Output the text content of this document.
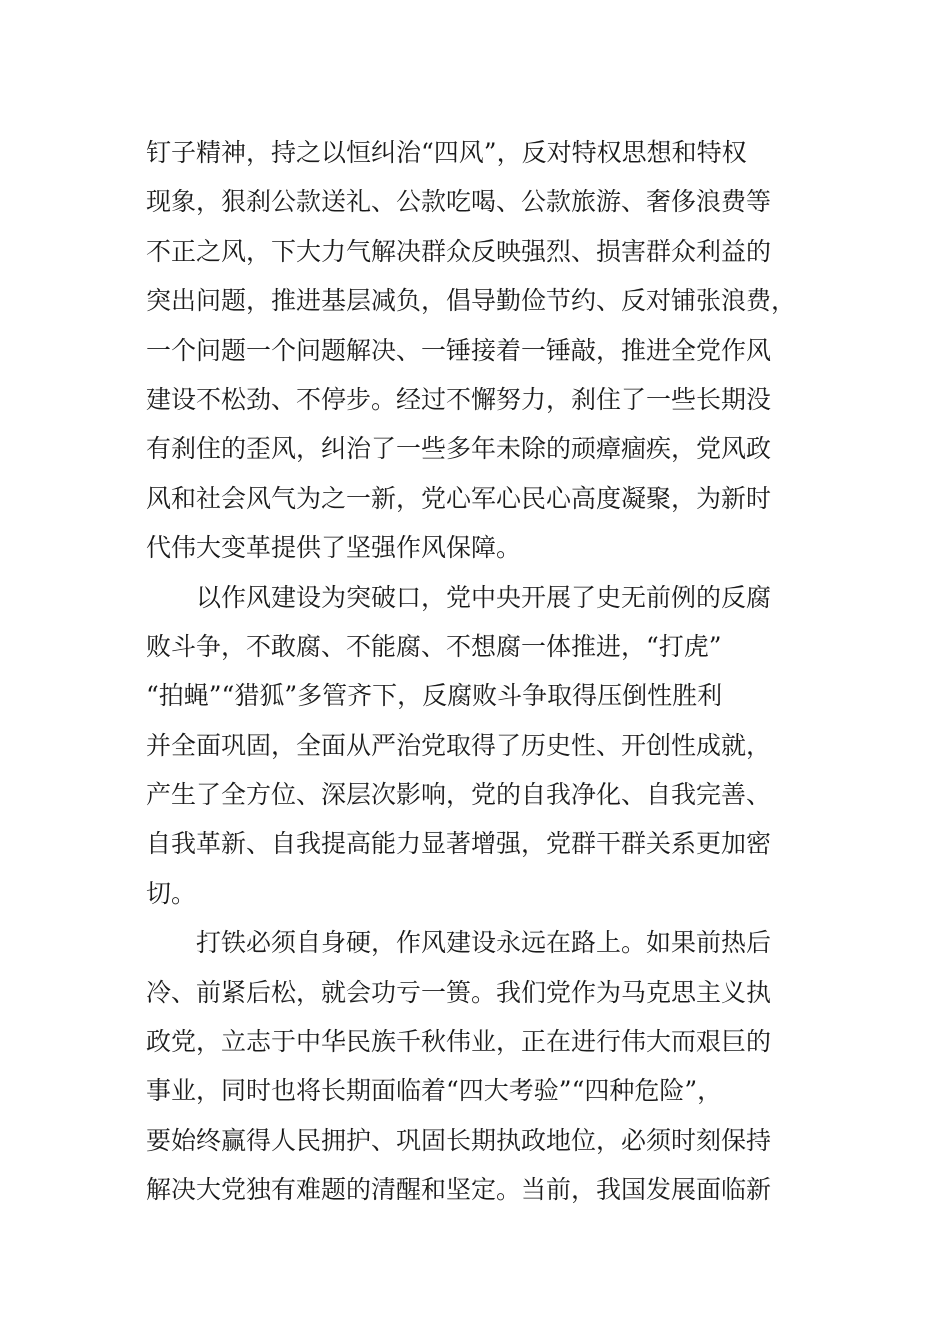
钉子精神，持之以恒纠治“四风”，反对特权思想和特权
现象，狠刹公款送礼、公款吃喝、公款旅游、奢侈浪费等
不正之风，下大力气解决群众反映强烈、损害群众利益的
突出问题，推进基层减负，倡导勤俭节约、反对铺张浪费，
一个问题一个问题解决、一锤接着一锤敲，推进全党作风
建设不松劲、不停步。经过不懈努力，刹住了一些长期没
有刹住的歪风，纠治了一些多年未除的顽瘴痼疾，党风政
风和社会风气为之一新，党心军心民心高度凝聚，为新时
代伟大变革提供了坚强作风保障。
　　以作风建设为突破口，党中央开展了史无前例的反腐
败斗争，不敢腐、不能腐、不想腐一体推进，“打虎”
“拍蝇”“猎狐”多管齐下，反腐败斗争取得压倒性胜利
并全面巩固，全面从严治党取得了历史性、开创性成就，
产生了全方位、深层次影响，党的自我净化、自我完善、
自我革新、自我提高能力显著增强，党群干群关系更加密
切。
　　打铁必须自身硬，作风建设永远在路上。如果前热后
冷、前紧后松，就会功亏一篑。我们党作为马克思主义执
政党，立志于中华民族千秋伟业，正在进行伟大而艰巨的
事业，同时也将长期面临着“四大考验”“四种危险”，
要始终赢得人民拥护、巩固长期执政地位，必须时刻保持
解决大党独有难题的清醒和坚定。当前，我国发展面临新
